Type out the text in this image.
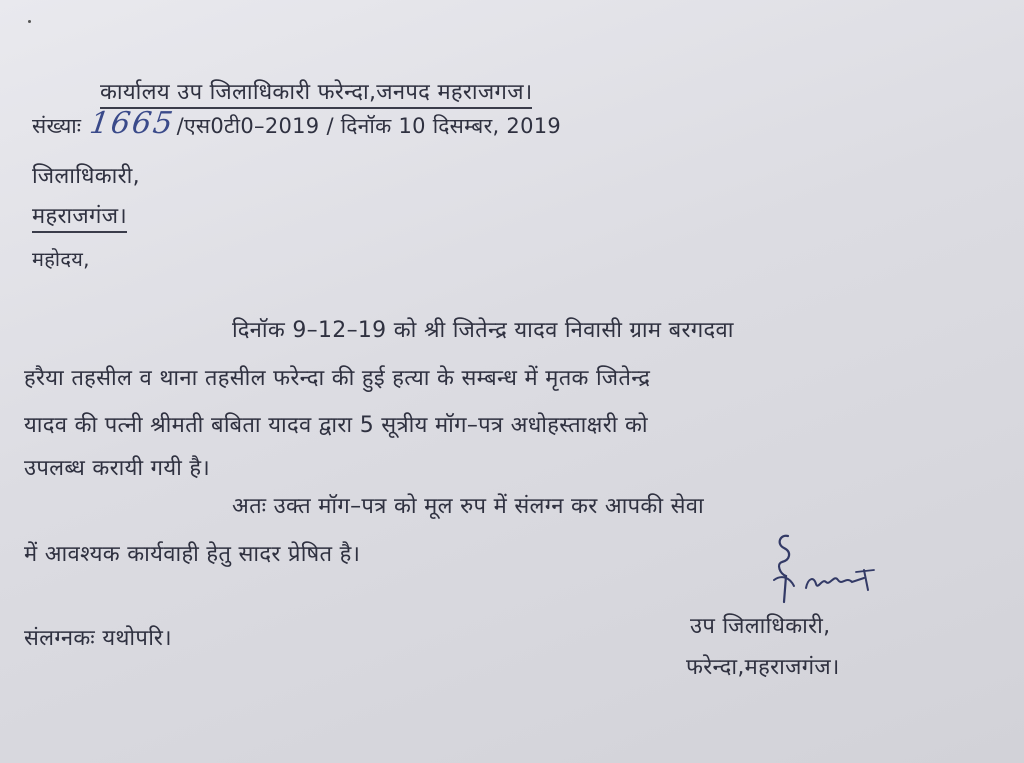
कार्यालय उप जिलाधिकारी फरेन्दा,जनपद महराजगज।
संख्याः 1665/एस0टी0–2019 / दिनॉक 10 दिसम्बर, 2019
जिलाधिकारी,
महराजगंज।
महोदय,
दिनॉक 9–12–19 को श्री जितेन्द्र यादव निवासी ग्राम बरगदवा
हरैया तहसील व थाना तहसील फरेन्दा की हुई हत्या के सम्बन्ध में मृतक जितेन्द्र
यादव की पत्नी श्रीमती बबिता यादव द्वारा 5 सूत्रीय मॉग–पत्र अधोहस्ताक्षरी को
उपलब्ध करायी गयी है।
अतः उक्त मॉग–पत्र को मूल रुप में संलग्न कर आपकी सेवा
में आवश्यक कार्यवाही हेतु सादर प्रेषित है।
संलग्नकः यथोपरि।	उप जिलाधिकारी,
फरेन्दा,महराजगंज।
